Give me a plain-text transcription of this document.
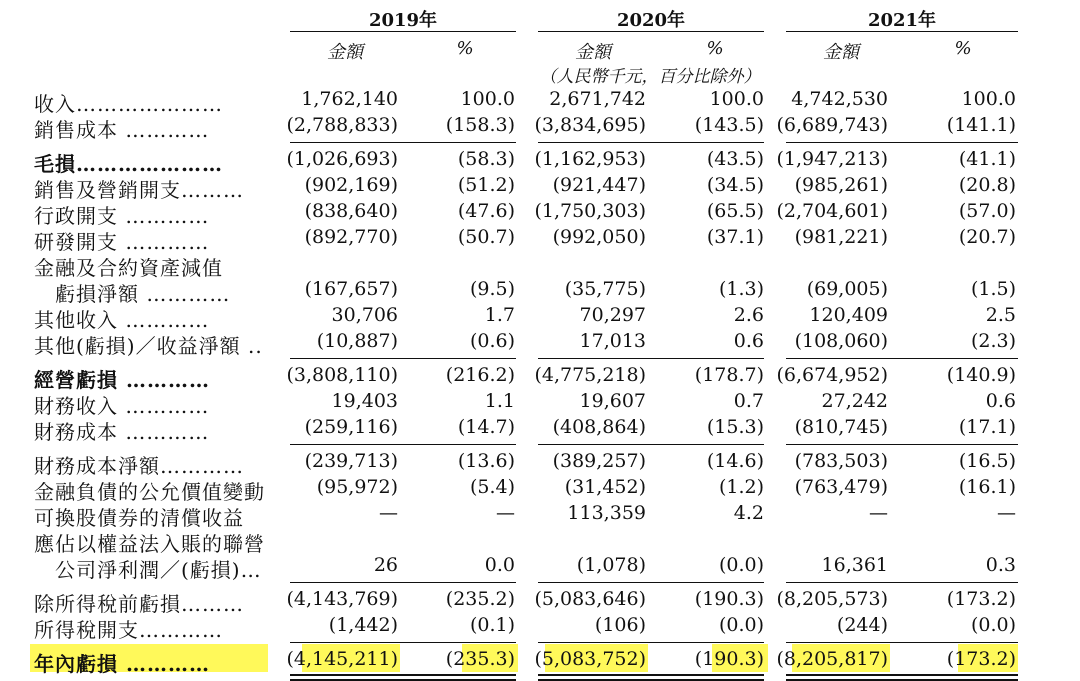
2019年	2020年	2021年
金額	%	金額	%	金額	%
（人民幣千元，百分比除外）
收入…………………	1,762,140	100.0	2,671,742	100.0	4,742,530	100.0
銷售成本 …………	(2,788,833)	(158.3)	(3,834,695)	(143.5) (6,689,743)	(141.1)
毛損…………………	(1,026,693)	(58.3)	(1,162,953)	(43.5) (1,947,213)	(41.1)
銷售及營銷開支………	(902,169)	(51.2)	(921,447)	(34.5)	(985,261)	(20.8)
行政開支 …………	(838,640)	(47.6)	(1,750,303)	(65.5) (2,704,601)	(57.0)
研發開支 …………	(892,770)	(50.7)	(992,050)	(37.1)	(981,221)	(20.7)
金融及合約資產減值
　虧損淨額 …………	(167,657)	(9.5)	(35,775)	(1.3)	(69,005)	(1.5)
其他收入 …………	30,706	1.7	70,297	2.6	120,409	2.5
其他(虧損)／收益淨額 ..	(10,887)	(0.6)	17,013	0.6	(108,060)	(2.3)
經營虧損 …………	(3,808,110)	(216.2)	(4,775,218)	(178.7) (6,674,952)	(140.9)
財務收入 …………	19,403	1.1	19,607	0.7	27,242	0.6
財務成本 …………	(259,116)	(14.7)	(408,864)	(15.3)	(810,745)	(17.1)
財務成本淨額…………	(239,713)	(13.6)	(389,257)	(14.6)	(783,503)	(16.5)
金融負債的公允價值變動	(95,972)	(5.4)	(31,452)	(1.2)	(763,479)	(16.1)
可換股債券的清償收益	—	—	113,359	4.2	—	—
應佔以權益法入賬的聯營
　公司淨利潤／(虧損)…	26	0.0	(1,078)	(0.0)	16,361	0.3
除所得稅前虧損………	(4,143,769)	(235.2)	(5,083,646)	(190.3) (8,205,573)	(173.2)
所得稅開支…………	(1,442)	(0.1)	(106)	(0.0)	(244)	(0.0)
年內虧損 …………	(4,145,211)	(235.3)	(5,083,752)	(190.3) (8,205,817)	(173.2)
